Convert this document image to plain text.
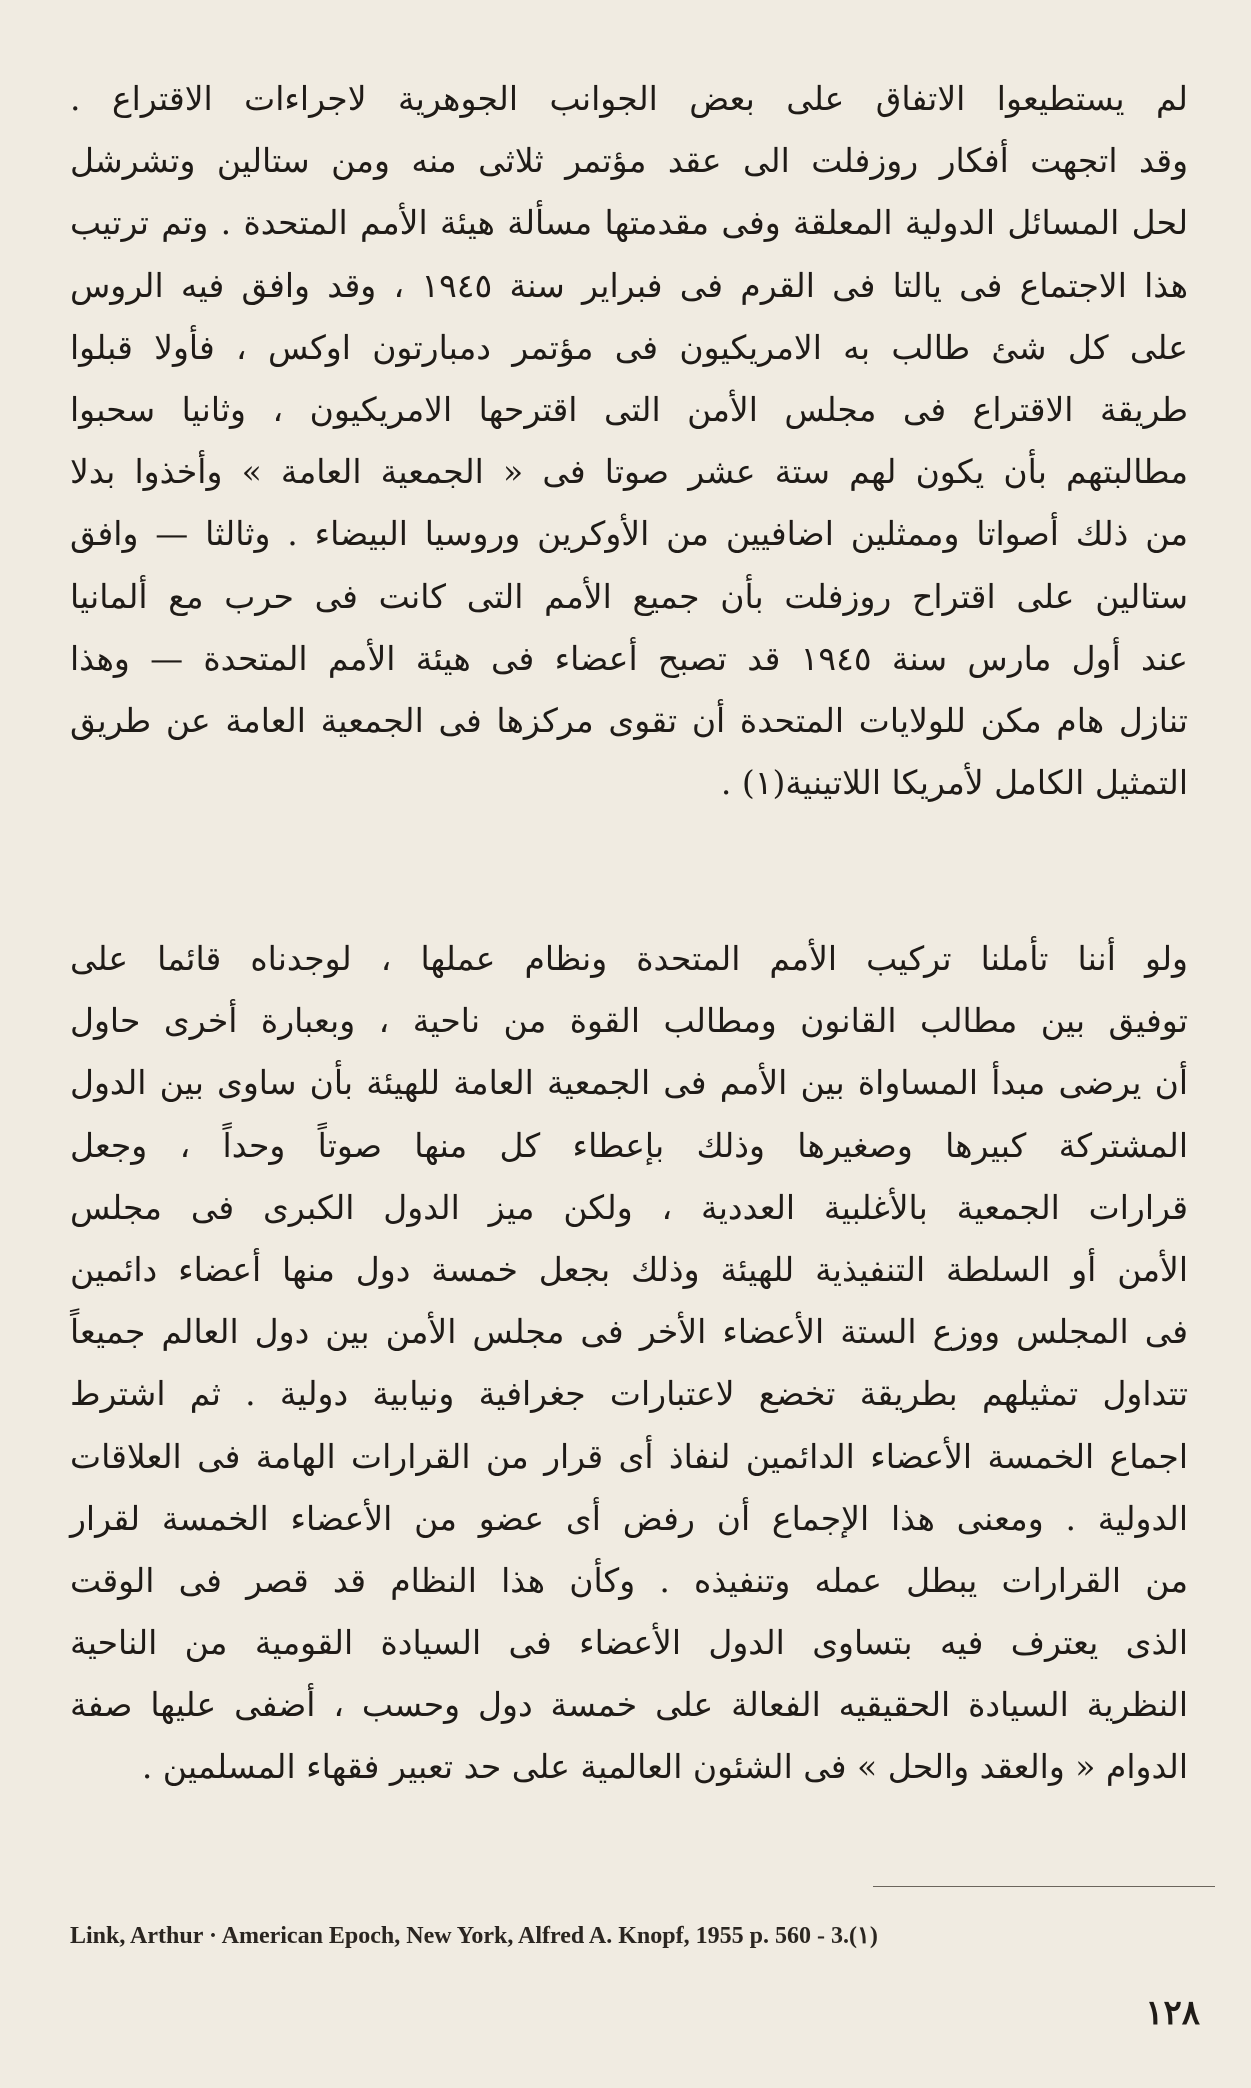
لم يستطيعوا الاتفاق على بعض الجوانب الجوهرية لاجراءات الاقتراع .
وقد اتجهت أفكار روزفلت الى عقد مؤتمر ثلاثى منه ومن ستالين وتشرشل
لحل المسائل الدولية المعلقة وفى مقدمتها مسألة هيئة الأمم المتحدة . وتم ترتيب
هذا الاجتماع فى يالتا فى القرم فى فبراير سنة ١٩٤٥ ، وقد وافق فيه الروس
على كل شئ طالب به الامريكيون فى مؤتمر دمبارتون اوكس ، فأولا قبلوا
طريقة الاقتراع فى مجلس الأمن التى اقترحها الامريكيون ، وثانيا سحبوا
مطالبتهم بأن يكون لهم ستة عشر صوتا فى « الجمعية العامة » وأخذوا بدلا
من ذلك أصواتا وممثلين اضافيين من الأوكرين وروسيا البيضاء . وثالثا — وافق
ستالين على اقتراح روزفلت بأن جميع الأمم التى كانت فى حرب مع ألمانيا
عند أول مارس سنة ١٩٤٥ قد تصبح أعضاء فى هيئة الأمم المتحدة — وهذا
تنازل هام مكن للولايات المتحدة أن تقوى مركزها فى الجمعية العامة عن طريق
التمثيل الكامل لأمريكا اللاتينية(١) .
ولو أننا تأملنا تركيب الأمم المتحدة ونظام عملها ، لوجدناه قائما على
توفيق بين مطالب القانون ومطالب القوة من ناحية ، وبعبارة أخرى حاول
أن يرضى مبدأ المساواة بين الأمم فى الجمعية العامة للهيئة بأن ساوى بين الدول
المشتركة كبيرها وصغيرها وذلك بإعطاء كل منها صوتاً وحداً ، وجعل
قرارات الجمعية بالأغلبية العددية ، ولكن ميز الدول الكبرى فى مجلس
الأمن أو السلطة التنفيذية للهيئة وذلك بجعل خمسة دول منها أعضاء دائمين
فى المجلس ووزع الستة الأعضاء الأخر فى مجلس الأمن بين دول العالم جميعاً
تتداول تمثيلهم بطريقة تخضع لاعتبارات جغرافية ونيابية دولية . ثم اشترط
اجماع الخمسة الأعضاء الدائمين لنفاذ أى قرار من القرارات الهامة فى العلاقات
الدولية . ومعنى هذا الإجماع أن رفض أى عضو من الأعضاء الخمسة لقرار
من القرارات يبطل عمله وتنفيذه . وكأن هذا النظام قد قصر فى الوقت
الذى يعترف فيه بتساوى الدول الأعضاء فى السيادة القومية من الناحية
النظرية السيادة الحقيقيه الفعالة على خمسة دول وحسب ، أضفى عليها صفة
الدوام « والعقد والحل » فى الشئون العالمية على حد تعبير فقهاء المسلمين .
Link, Arthur · American Epoch, New York, Alfred A. Knopf, 1955 p. 560 - 3.(١)
١٢٨
